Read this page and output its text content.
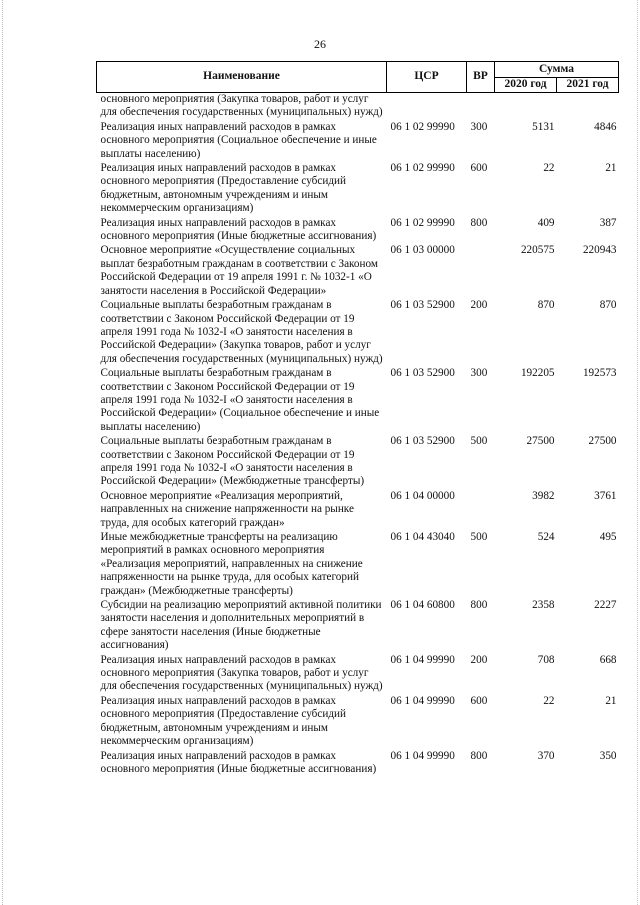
26
Наименование	ЦСР	ВР	Сумма	
			2020 год	2021 год
основного мероприятия (Закупка товаров, работ и услуг для обеспечения государственных (муниципальных) нужд)				
Реализация иных направлений расходов в рамках основного мероприятия (Социальное обеспечение и иные выплаты населению)	06 1 02 99990	300	5131	4846
Реализация иных направлений расходов в рамках основного мероприятия (Предоставление субсидий бюджетным, автономным учреждениям и иным некоммерческим организациям)	06 1 02 99990	600	22	21
Реализация иных направлений расходов в рамках основного мероприятия (Иные бюджетные ассигнования)	06 1 02 99990	800	409	387
Основное мероприятие «Осуществление социальных выплат безработным гражданам в соответствии с Законом Российской Федерации от 19 апреля 1991 г. № 1032-1 «О занятости населения в Российской Федерации»	06 1 03 00000		220575	220943
Социальные выплаты безработным гражданам в соответствии с Законом Российской Федерации от 19 апреля 1991 года № 1032-I «О занятости населения в Российской Федерации» (Закупка товаров, работ и услуг для обеспечения государственных (муниципальных) нужд)	06 1 03 52900	200	870	870
Социальные выплаты безработным гражданам в соответствии с Законом Российской Федерации от 19 апреля 1991 года № 1032-I «О занятости населения в Российской Федерации» (Социальное обеспечение и иные выплаты населению)	06 1 03 52900	300	192205	192573
Социальные выплаты безработным гражданам в соответствии с Законом Российской Федерации от 19 апреля 1991 года № 1032-I «О занятости населения в Российской Федерации» (Межбюджетные трансферты)	06 1 03 52900	500	27500	27500
Основное мероприятие «Реализация мероприятий, направленных на снижение напряженности на рынке труда, для особых категорий граждан»	06 1 04 00000		3982	3761
Иные межбюджетные трансферты на реализацию мероприятий в рамках основного мероприятия «Реализация мероприятий, направленных на снижение напряженности на рынке труда, для особых категорий граждан» (Межбюджетные трансферты)	06 1 04 43040	500	524	495
Субсидии на реализацию мероприятий активной политики занятости населения и дополнительных мероприятий в сфере занятости населения (Иные бюджетные ассигнования)	06 1 04 60800	800	2358	2227
Реализация иных направлений расходов в рамках основного мероприятия (Закупка товаров, работ и услуг для обеспечения государственных (муниципальных) нужд)	06 1 04 99990	200	708	668
Реализация иных направлений расходов в рамках основного мероприятия (Предоставление субсидий бюджетным, автономным учреждениям и иным некоммерческим организациям)	06 1 04 99990	600	22	21
Реализация иных направлений расходов в рамках основного мероприятия (Иные бюджетные ассигнования)	06 1 04 99990	800	370	350
